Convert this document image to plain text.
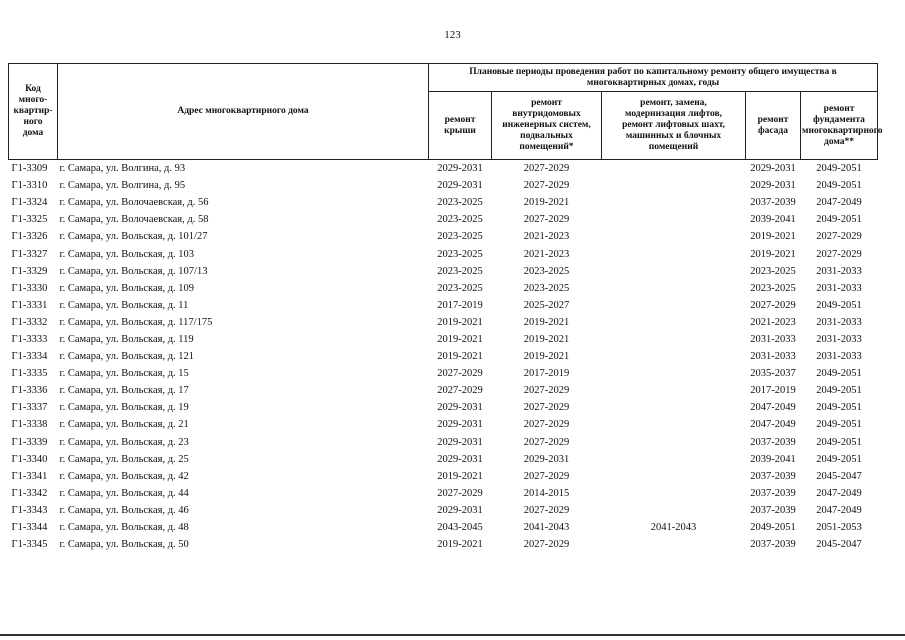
123
Код
много-
квартир-
ного
дома	Адрес многоквартирного дома	Плановые периоды проведения работ по капитальному ремонту общего имущества в
многоквартирных домах, годы				
		ремонт
крыши	ремонт
внутридомовых
инженерных систем,
подвальных
помещений*	ремонт, замена,
модернизация лифтов,
ремонт лифтовых шахт,
машинных и блочных
помещений	ремонт
фасада	ремонт
фундамента
многоквартирного
дома**
Г1-3309	г. Самара, ул. Волгина, д. 93	2029-2031	2027-2029		2029-2031	2049-2051
Г1-3310	г. Самара, ул. Волгина, д. 95	2029-2031	2027-2029		2029-2031	2049-2051
Г1-3324	г. Самара, ул. Волочаевская, д. 56	2023-2025	2019-2021		2037-2039	2047-2049
Г1-3325	г. Самара, ул. Волочаевская, д. 58	2023-2025	2027-2029		2039-2041	2049-2051
Г1-3326	г. Самара, ул. Вольская, д. 101/27	2023-2025	2021-2023		2019-2021	2027-2029
Г1-3327	г. Самара, ул. Вольская, д. 103	2023-2025	2021-2023		2019-2021	2027-2029
Г1-3329	г. Самара, ул. Вольская, д. 107/13	2023-2025	2023-2025		2023-2025	2031-2033
Г1-3330	г. Самара, ул. Вольская, д. 109	2023-2025	2023-2025		2023-2025	2031-2033
Г1-3331	г. Самара, ул. Вольская, д. 11	2017-2019	2025-2027		2027-2029	2049-2051
Г1-3332	г. Самара, ул. Вольская, д. 117/175	2019-2021	2019-2021		2021-2023	2031-2033
Г1-3333	г. Самара, ул. Вольская, д. 119	2019-2021	2019-2021		2031-2033	2031-2033
Г1-3334	г. Самара, ул. Вольская, д. 121	2019-2021	2019-2021		2031-2033	2031-2033
Г1-3335	г. Самара, ул. Вольская, д. 15	2027-2029	2017-2019		2035-2037	2049-2051
Г1-3336	г. Самара, ул. Вольская, д. 17	2027-2029	2027-2029		2017-2019	2049-2051
Г1-3337	г. Самара, ул. Вольская, д. 19	2029-2031	2027-2029		2047-2049	2049-2051
Г1-3338	г. Самара, ул. Вольская, д. 21	2029-2031	2027-2029		2047-2049	2049-2051
Г1-3339	г. Самара, ул. Вольская, д. 23	2029-2031	2027-2029		2037-2039	2049-2051
Г1-3340	г. Самара, ул. Вольская, д. 25	2029-2031	2029-2031		2039-2041	2049-2051
Г1-3341	г. Самара, ул. Вольская, д. 42	2019-2021	2027-2029		2037-2039	2045-2047
Г1-3342	г. Самара, ул. Вольская, д. 44	2027-2029	2014-2015		2037-2039	2047-2049
Г1-3343	г. Самара, ул. Вольская, д. 46	2029-2031	2027-2029		2037-2039	2047-2049
Г1-3344	г. Самара, ул. Вольская, д. 48	2043-2045	2041-2043	2041-2043	2049-2051	2051-2053
Г1-3345	г. Самара, ул. Вольская, д. 50	2019-2021	2027-2029		2037-2039	2045-2047
